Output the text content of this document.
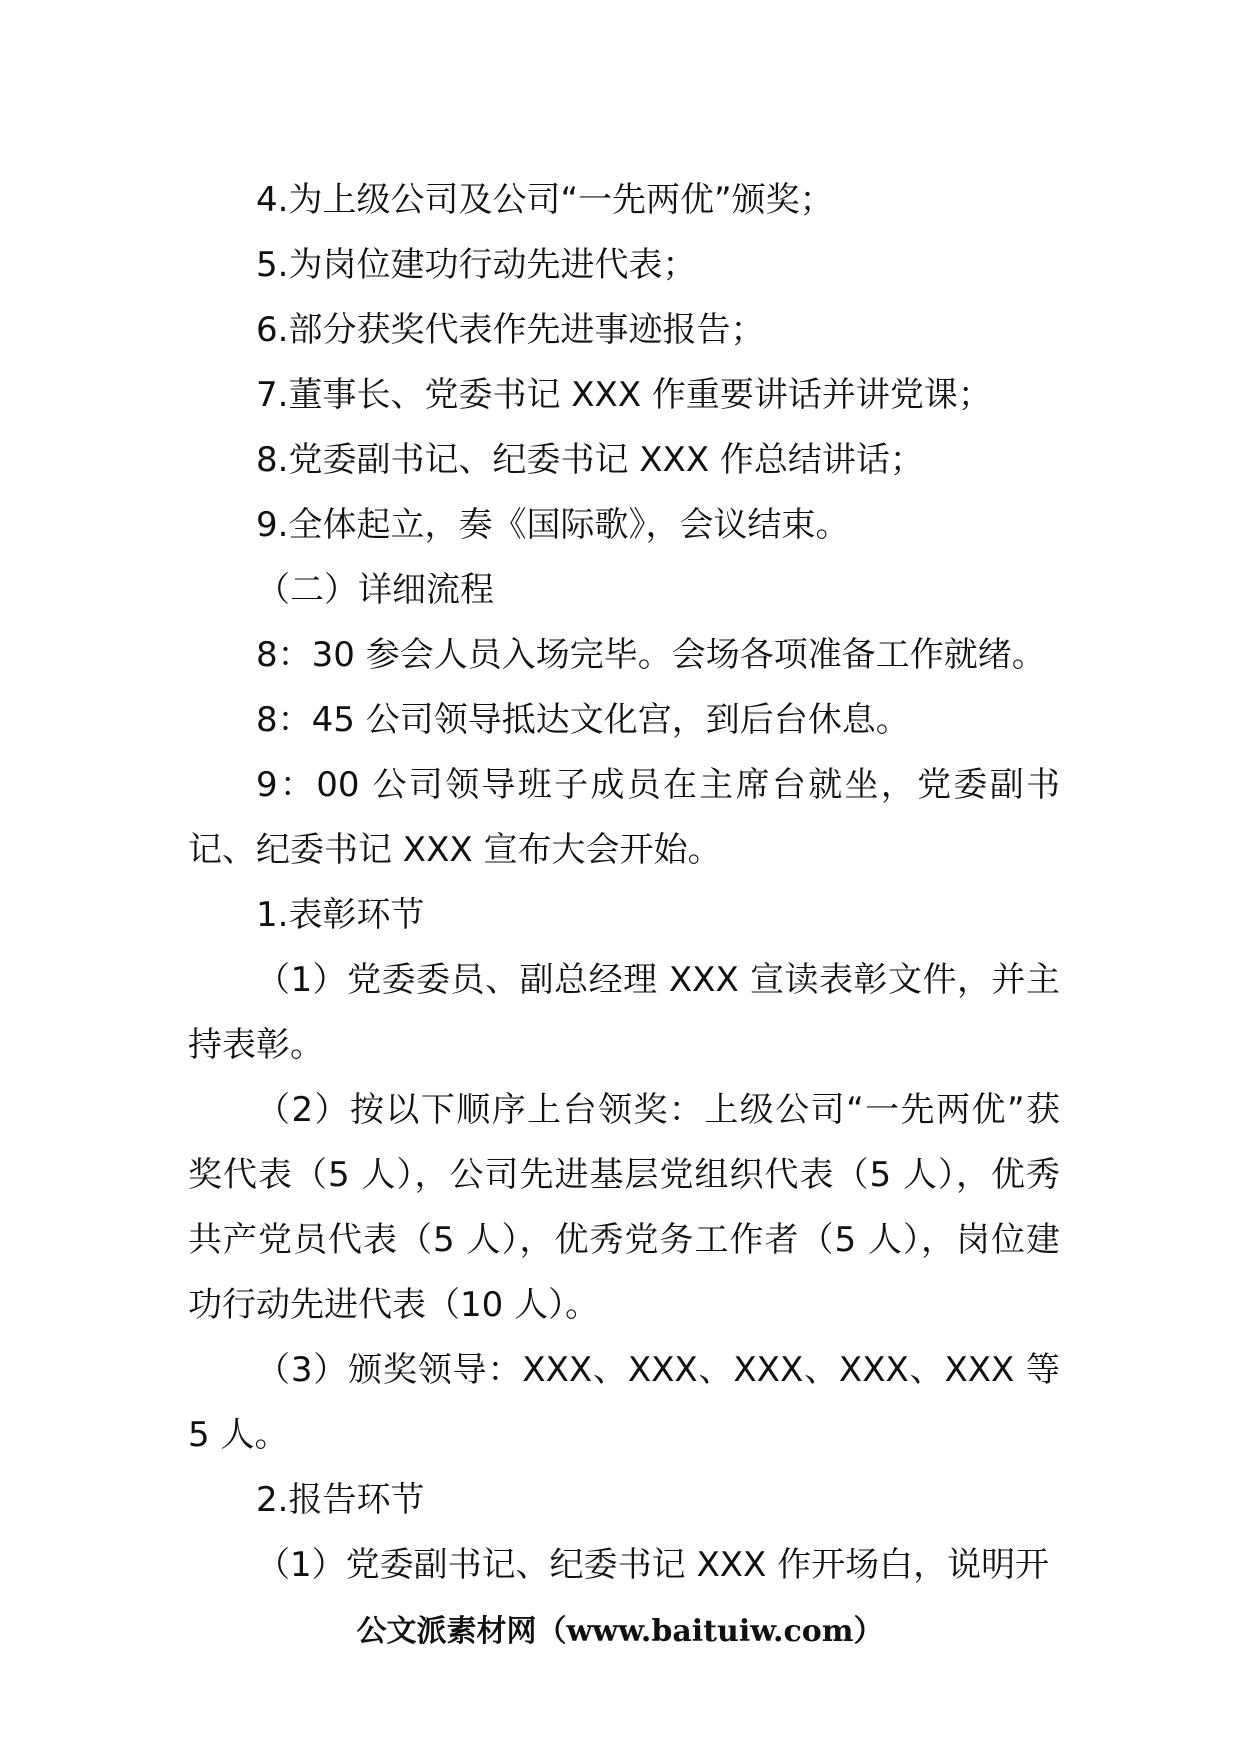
4.为上级公司及公司“一先两优”颁奖；

5.为岗位建功行动先进代表；

6.部分获奖代表作先进事迹报告；

7.董事长、党委书记 XXX 作重要讲话并讲党课；

8.党委副书记、纪委书记 XXX 作总结讲话；

9.全体起立，奏《国际歌》，会议结束。

（二）详细流程

8：30 参会人员入场完毕。会场各项准备工作就绪。

8：45 公司领导抵达文化宫，到后台休息。

9：00 公司领导班子成员在主席台就坐，党委副书记、纪委书记 XXX 宣布大会开始。

1.表彰环节

（1）党委委员、副总经理 XXX 宣读表彰文件，并主持表彰。

（2）按以下顺序上台领奖：上级公司“一先两优”获奖代表（5 人），公司先进基层党组织代表（5 人），优秀共产党员代表（5 人），优秀党务工作者（5 人），岗位建功行动先进代表（10 人）。

（3）颁奖领导：XXX、XXX、XXX、XXX、XXX 等 5 人。

2.报告环节

（1）党委副书记、纪委书记 XXX 作开场白，说明开

公文派素材网（www.baituiw.com）
